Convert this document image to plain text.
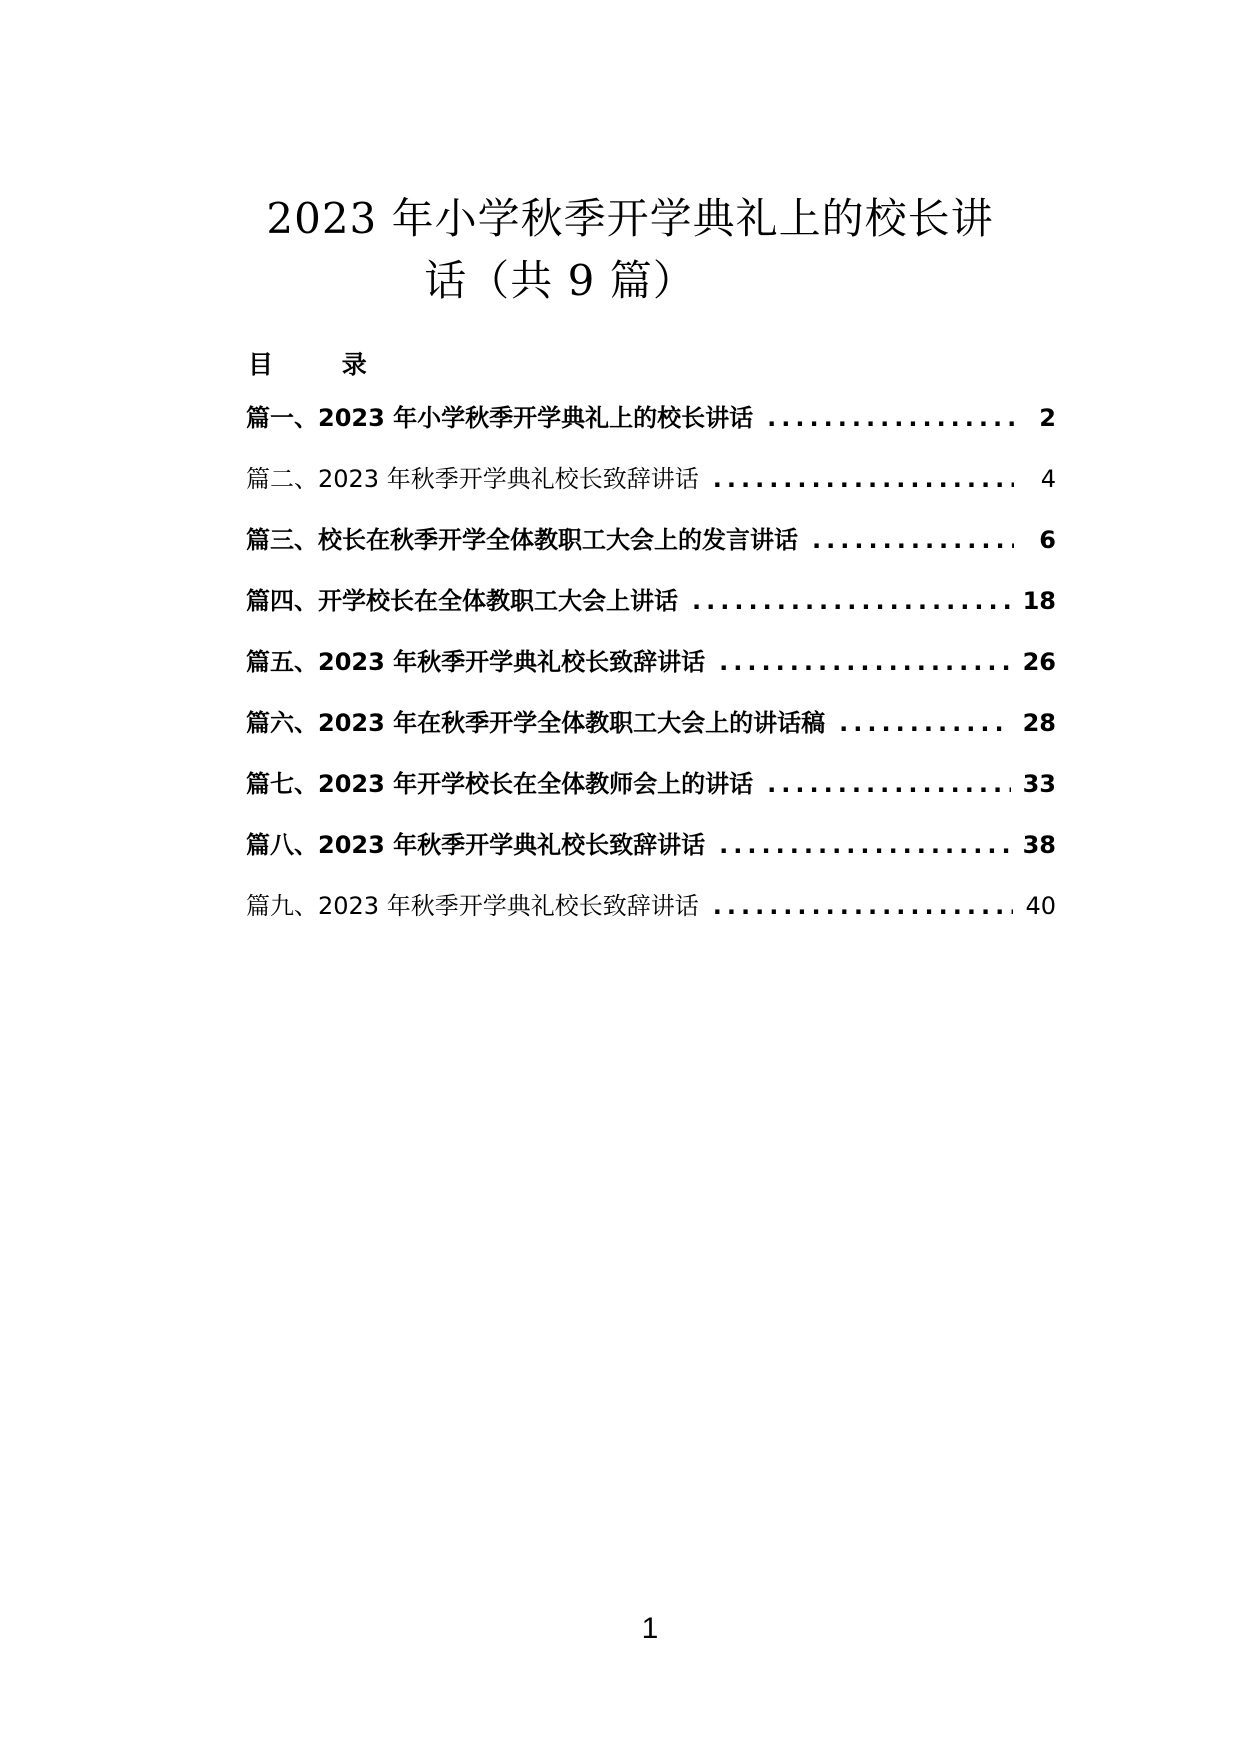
2023 年小学秋季开学典礼上的校长讲
话（共 9 篇）
目 录
篇一、2023 年小学秋季开学典礼上的校长讲话 .....	2
篇二、2023 年秋季开学典礼校长致辞讲话 .....	4
篇三、校长在秋季开学全体教职工大会上的发言讲话 .....	6
篇四、开学校长在全体教职工大会上讲话 .....	18
篇五、2023 年秋季开学典礼校长致辞讲话 .....	26
篇六、2023 年在秋季开学全体教职工大会上的讲话稿 .....	28
篇七、2023 年开学校长在全体教师会上的讲话 .....	33
篇八、2023 年秋季开学典礼校长致辞讲话 .....	38
篇九、2023 年秋季开学典礼校长致辞讲话 .....	40
1
